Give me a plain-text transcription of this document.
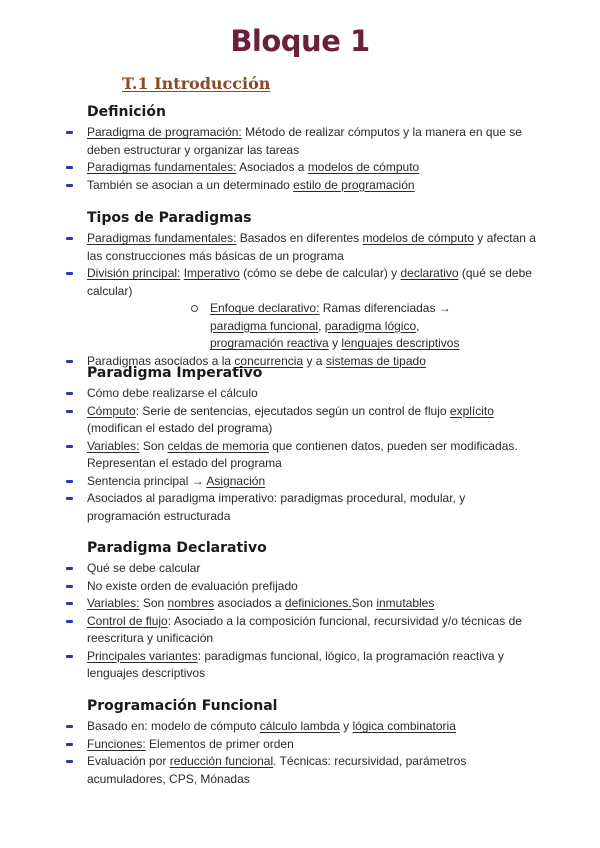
Bloque 1
T.1 Introducción
Definición
Paradigma de programación: Método de realizar cómputos y la manera en que se deben estructurar y organizar las tareas
Paradigmas fundamentales: Asociados a modelos de cómputo
También se asocian a un determinado estilo de programación
Tipos de Paradigmas
Paradigmas fundamentales: Basados en diferentes modelos de cómputo y afectan a las construcciones más básicas de un programa
División principal: Imperativo (cómo se debe de calcular) y declarativo (qué se debe calcular)
Enfoque declarativo: Ramas diferenciadas → paradigma funcional, paradigma lógico, programación reactiva y lenguajes descriptivos
Paradigmas asociados a la concurrencia y a sistemas de tipado
Paradigma Imperativo
Cómo debe realizarse el cálculo
Cómputo: Serie de sentencias, ejecutados según un control de flujo explícito (modifican el estado del programa)
Variables: Son celdas de memoria que contienen datos, pueden ser modificadas. Representan el estado del programa
Sentencia principal → Asignación
Asociados al paradigma imperativo: paradigmas procedural, modular, y programación estructurada
Paradigma Declarativo
Qué se debe calcular
No existe orden de evaluación prefijado
Variables: Son nombres asociados a definiciones.Son inmutables
Control de flujo: Asociado a la composición funcional, recursividad y/o técnicas de reescritura y unificación
Principales variantes: paradigmas funcional, lógico, la programación reactiva y lenguajes descriptivos
Programación Funcional
Basado en: modelo de cómputo cálculo lambda y lógica combinatoria
Funciones: Elementos de primer orden
Evaluación por reducción funcional. Técnicas: recursividad, parámetros acumuladores, CPS, Mónadas
